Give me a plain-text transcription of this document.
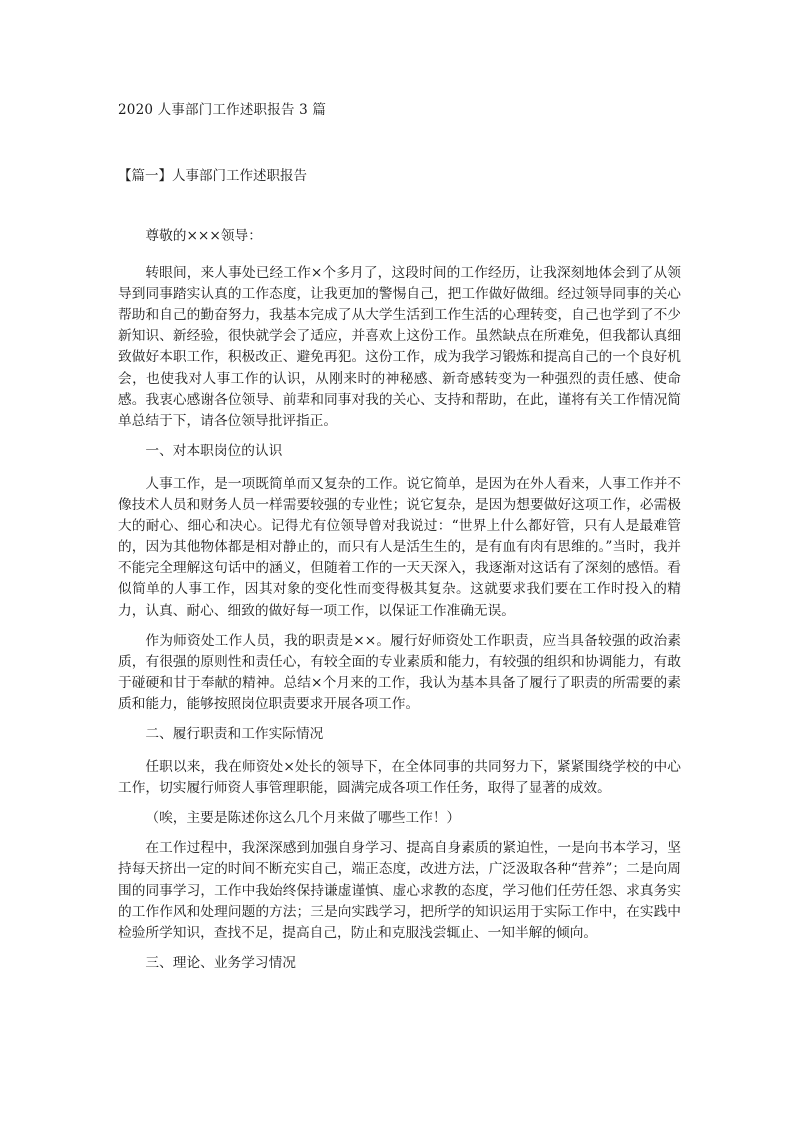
2020 人事部门工作述职报告 3 篇
【篇一】人事部门工作述职报告

尊敬的×××领导：

转眼间，来人事处已经工作×个多月了，这段时间的工作经历，让我深刻地体会到了从领导到同事踏实认真的工作态度，让我更加的警惕自己，把工作做好做细。经过领导同事的关心帮助和自己的勤奋努力，我基本完成了从大学生活到工作生活的心理转变，自己也学到了不少新知识、新经验，很快就学会了适应，并喜欢上这份工作。虽然缺点在所难免，但我都认真细致做好本职工作，积极改正、避免再犯。这份工作，成为我学习锻炼和提高自己的一个良好机会，也使我对人事工作的认识，从刚来时的神秘感、新奇感转变为一种强烈的责任感、使命感。我衷心感谢各位领导、前辈和同事对我的关心、支持和帮助，在此，谨将有关工作情况简单总结于下，请各位领导批评指正。

一、对本职岗位的认识

人事工作，是一项既简单而又复杂的工作。说它简单，是因为在外人看来，人事工作并不像技术人员和财务人员一样需要较强的专业性；说它复杂，是因为想要做好这项工作，必需极大的耐心、细心和决心。记得尤有位领导曾对我说过：“世界上什么都好管，只有人是最难管的，因为其他物体都是相对静止的，而只有人是活生生的，是有血有肉有思维的。”当时，我并不能完全理解这句话中的涵义，但随着工作的一天天深入，我逐渐对这话有了深刻的感悟。看似简单的人事工作，因其对象的变化性而变得极其复杂。这就要求我们要在工作时投入的精力，认真、耐心、细致的做好每一项工作，以保证工作准确无误。

作为师资处工作人员，我的职责是××。履行好师资处工作职责，应当具备较强的政治素质，有很强的原则性和责任心，有较全面的专业素质和能力，有较强的组织和协调能力，有敢于碰硬和甘于奉献的精神。总结×个月来的工作，我认为基本具备了履行了职责的所需要的素质和能力，能够按照岗位职责要求开展各项工作。

二、履行职责和工作实际情况

任职以来，我在师资处×处长的领导下，在全体同事的共同努力下，紧紧围绕学校的中心工作，切实履行师资人事管理职能，圆满完成各项工作任务，取得了显著的成效。

（唉，主要是陈述你这么几个月来做了哪些工作！）

在工作过程中，我深深感到加强自身学习、提高自身素质的紧迫性，一是向书本学习，坚持每天挤出一定的时间不断充实自己，端正态度，改进方法，广泛汲取各种“营养”；二是向周围的同事学习，工作中我始终保持谦虚谨慎、虚心求教的态度，学习他们任劳任怨、求真务实的工作作风和处理问题的方法；三是向实践学习，把所学的知识运用于实际工作中，在实践中检验所学知识，查找不足，提高自己，防止和克服浅尝辄止、一知半解的倾向。

三、理论、业务学习情况
